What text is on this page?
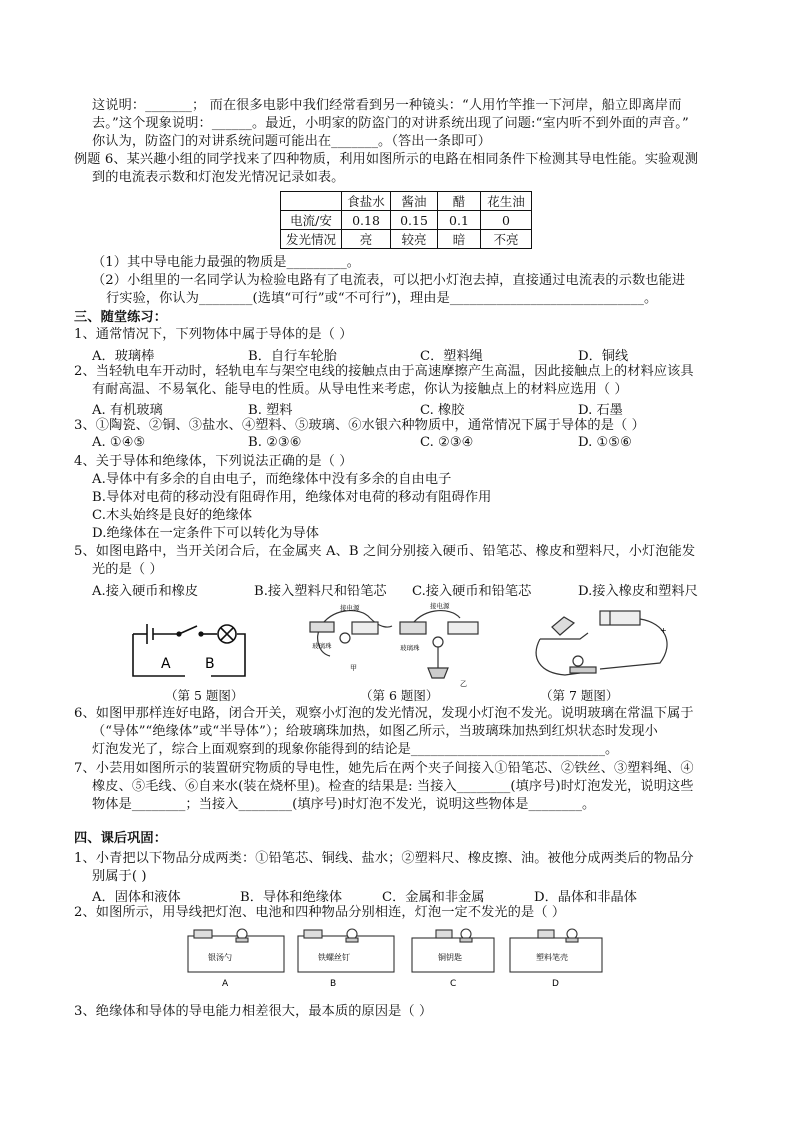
这说明：_______； 而在很多电影中我们经常看到另一种镜头：“人用竹竿推一下河岸，船立即离岸而
去。”这个现象说明：______。最近，小明家的防盗门的对讲系统出现了问题:“室内听不到外面的声音。”
你认为，防盗门的对讲系统问题可能出在_______。（答出一条即可）
例题 6、某兴趣小组的同学找来了四种物质，利用如图所示的电路在相同条件下检测其导电性能。实验观测
到的电流表示数和灯泡发光情况记录如表。
	食盐水	酱油	醋	花生油
电流/安	0.18	0.15	0.1	0
发光情况	亮	较亮	暗	不亮
（1）其中导电能力最强的物质是_________。
（2）小组里的一名同学认为检验电路有了电流表，可以把小灯泡去掉，直接通过电流表的示数也能进
行实验，你认为________(选填“可行”或“不可行”)，理由是_____________________________。
三、随堂练习：
1、通常情况下，下列物体中属于导体的是（ ）
A．玻璃棒	B．自行车轮胎	C．塑料绳	D．铜线
2、当轻轨电车开动时，轻轨电车与架空电线的接触点由于高速摩擦产生高温，因此接触点上的材料应该具
有耐高温、不易氧化、能导电的性质。从导电性来考虑，你认为接触点上的材料应选用（ ）
A. 有机玻璃	B. 塑料	C. 橡胶	D. 石墨
3、①陶瓷、②铜、③盐水、④塑料、⑤玻璃、⑥水银六种物质中，通常情况下属于导体的是（ ）
A. ①④⑤	B. ②③⑥	C. ②③④	D. ①⑤⑥
4、关于导体和绝缘体，下列说法正确的是（ ）
A.导体中有多余的自由电子，而绝缘体中没有多余的自由电子
B.导体对电荷的移动没有阻碍作用，绝缘体对电荷的移动有阻碍作用
C.木头始终是良好的绝缘体
D.绝缘体在一定条件下可以转化为导体
5、如图电路中，当开关闭合后，在金属夹 A、B 之间分别接入硬币、铅笔芯、橡皮和塑料尺，小灯泡能发
光的是（ ）
A.接入硬币和橡皮	B.接入塑料尺和铅笔芯 C.接入硬币和铅笔芯	D.接入橡皮和塑料尺
A B
接电源
玻璃珠
甲
接电源
玻璃珠
乙
+
（第 5 题图）	（第 6 题图）	（第 7 题图）
6、如图甲那样连好电路，闭合开关，观察小灯泡的发光情况，发现小灯泡不发光。说明玻璃在常温下属于
（“导体”“绝缘体”或“半导体”）；给玻璃珠加热，如图乙所示，当玻璃珠加热到红炽状态时发现小
灯泡发光了，综合上面观察到的现象你能得到的结论是_____________________________。
7、小芸用如图所示的装置研究物质的导电性，她先后在两个夹子间接入①铅笔芯、②铁丝、③塑料绳、④
橡皮、⑤毛线、⑥自来水(装在烧杯里)。检查的结果是: 当接入________(填序号)时灯泡发光，说明这些
物体是________；当接入________(填序号)时灯泡不发光，说明这些物体是________。
四、课后巩固：
1、小青把以下物品分成两类：①铅笔芯、铜线、盐水；②塑料尺、橡皮擦、油。被他分成两类后的物品分
别属于( )
A．固体和液体	B．导体和绝缘体	C．金属和非金属	D．晶体和非晶体
2、如图所示，用导线把灯泡、电池和四种物品分别相连，灯泡一定不发光的是（ ）
银汤勺	铁螺丝钉	铜钥匙	塑料笔壳
A	B	C	D
3、绝缘体和导体的导电能力相差很大，最本质的原因是（ ）
